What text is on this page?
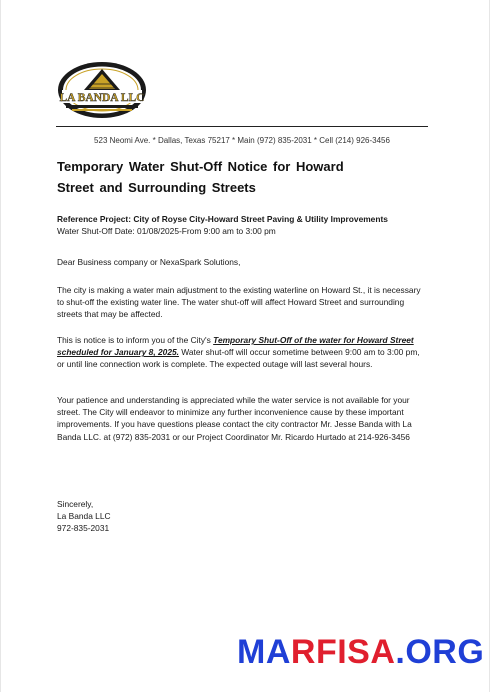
LA BANDA LLC
523 Neomi Ave. * Dallas, Texas 75217 * Main (972) 835-2031 * Cell (214) 926-3456
Temporary Water Shut-Off Notice for Howard Street and Surrounding Streets
Reference Project: City of Royse City-Howard Street Paving & Utility Improvements
Water Shut-Off Date: 01/08/2025-From 9:00 am to 3:00 pm
Dear Business company or NexaSpark Solutions,
The city is making a water main adjustment to the existing waterline on Howard St., it is necessary to shut-off the existing water line. The water shut-off will affect Howard Street and surrounding streets that may be affected.
This is notice is to inform you of the City's Temporary Shut-Off of the water for Howard Street scheduled for January 8, 2025. Water shut-off will occur sometime between 9:00 am to 3:00 pm, or until line connection work is complete. The expected outage will last several hours.
Your patience and understanding is appreciated while the water service is not available for your street. The City will endeavor to minimize any further inconvenience cause by these important improvements. If you have questions please contact the city contractor Mr. Jesse Banda with La Banda LLC. at (972) 835-2031 or our Project Coordinator Mr. Ricardo Hurtado at 214-926-3456
Sincerely,
La Banda LLC
972-835-2031
MARFISA.ORG
